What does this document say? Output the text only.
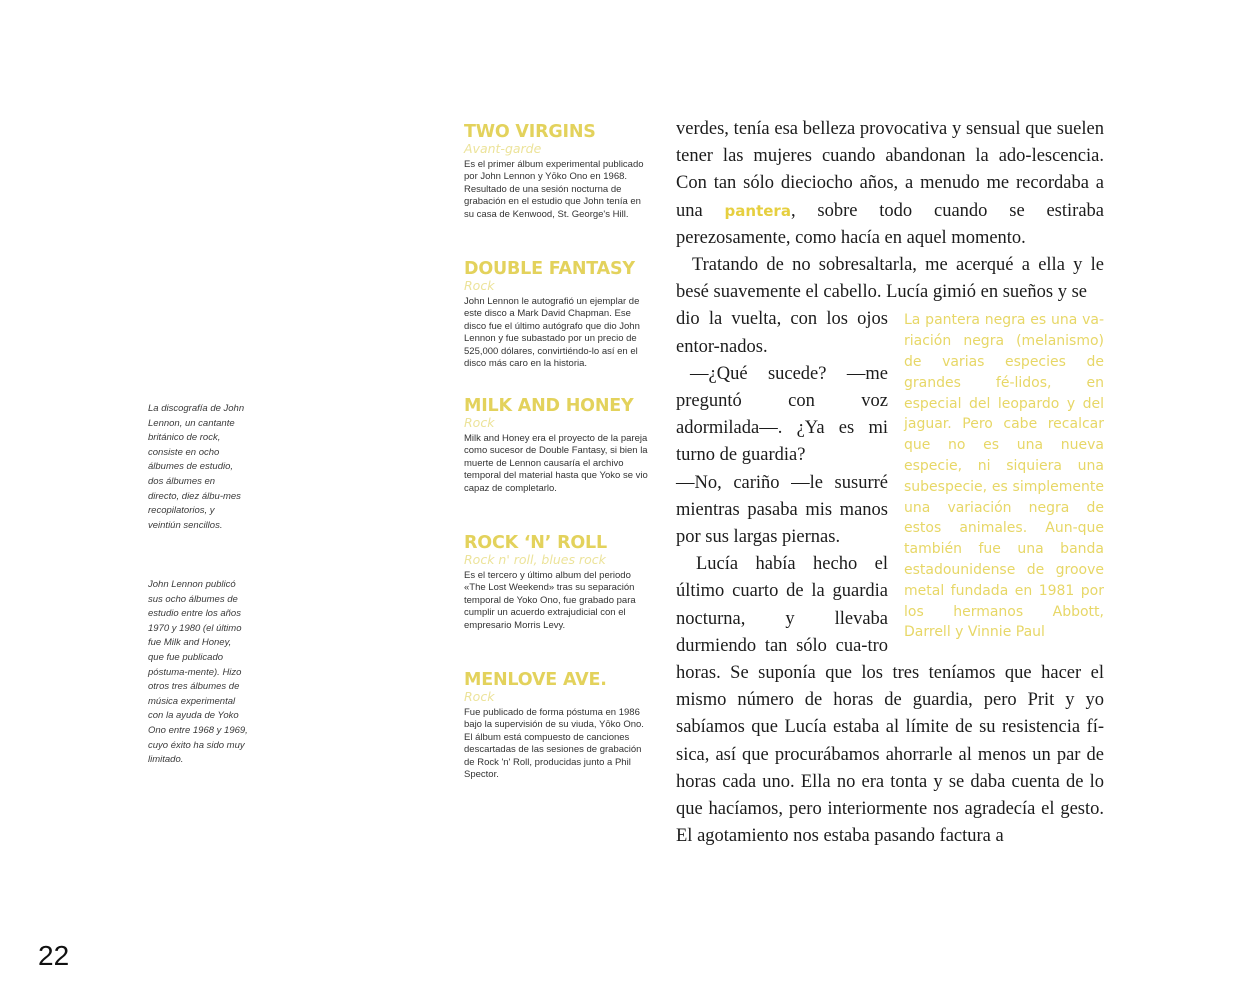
La discografía de John Lennon, un cantante británico de rock, consiste en ocho álbumes de estudio, dos álbumes en directo, diez álbu-mes recopilatorios, y veintiún sencillos.
John Lennon publicó sus ocho álbumes de estudio entre los años 1970 y 1980 (el último fue Milk and Honey, que fue publicado póstuma-mente). Hizo otros tres álbumes de música experimental con la ayuda de Yoko Ono entre 1968 y 1969, cuyo éxito ha sido muy limitado.
TWO VIRGINS
Avant-garde
Es el primer álbum experimental publicado por John Lennon y Yōko Ono en 1968. Resultado de una sesión nocturna de grabación en el estudio que John tenía en su casa de Kenwood, St. George's Hill.
DOUBLE FANTASY
Rock
John Lennon le autografió un ejemplar de este disco a Mark David Chapman. Ese disco fue el último autógrafo que dio John Lennon y fue subastado por un precio de 525,000 dólares, convirtiéndo-lo así en el disco más caro en la historia.
MILK AND HONEY
Rock
Milk and Honey era el proyecto de la pareja como sucesor de Double Fantasy, si bien la muerte de Lennon causaría el archivo temporal del material hasta que Yoko se vio capaz de completarlo.
ROCK ‘N’ ROLL
Rock n' roll, blues rock
Es el tercero y último album del periodo «The Lost Weekend» tras su separación temporal de Yoko Ono, fue grabado para cumplir un acuerdo extrajudicial con el empresario Morris Levy.
MENLOVE AVE.
Rock
Fue publicado de forma póstuma en 1986 bajo la supervisión de su viuda, Yōko Ono. El álbum está compuesto de canciones descartadas de las sesiones de grabación de Rock 'n' Roll, producidas junto a Phil Spector.

verdes, tenía esa belleza provocativa y sensual que suelen tener las mujeres cuando abandonan la ado-lescencia. Con tan sólo dieciocho años, a menudo me recordaba a una pantera, sobre todo cuando se estiraba perezosamente, como hacía en aquel momento.

Tratando de no sobresaltarla, me acerqué a ella y le besé suavemente el cabello. Lucía gimió en sueños y se

La pantera negra es una va-riación negra (melanismo) de varias especies de grandes fé-lidos, en especial del leopardo y del jaguar. Pero cabe recalcar que no es una nueva especie, ni siquiera una subespecie, es simplemente una variación negra de estos animales. Aun-que también fue una banda estadounidense de groove metal fundada en 1981 por los hermanos Abbott, Darrell y Vinnie Paul

dio la vuelta, con los ojos entor-nados.

—¿Qué sucede? —me preguntó con voz adormilada—. ¿Ya es mi turno de guardia?

—No, cariño —le susurré mientras pasaba mis manos por sus largas piernas.

Lucía había hecho el último cuarto de la guardia nocturna, y llevaba durmiendo tan sólo cua-tro horas. Se suponía que los tres teníamos que hacer el mismo número de horas de guardia, pero Prit y yo sabíamos que Lucía estaba al límite de su resistencia fí-sica, así que procurábamos ahorrarle al menos un par de horas cada uno. Ella no era tonta y se daba cuenta de lo que hacíamos, pero interiormente nos agradecía el gesto. El agotamiento nos estaba pasando factura a

22
